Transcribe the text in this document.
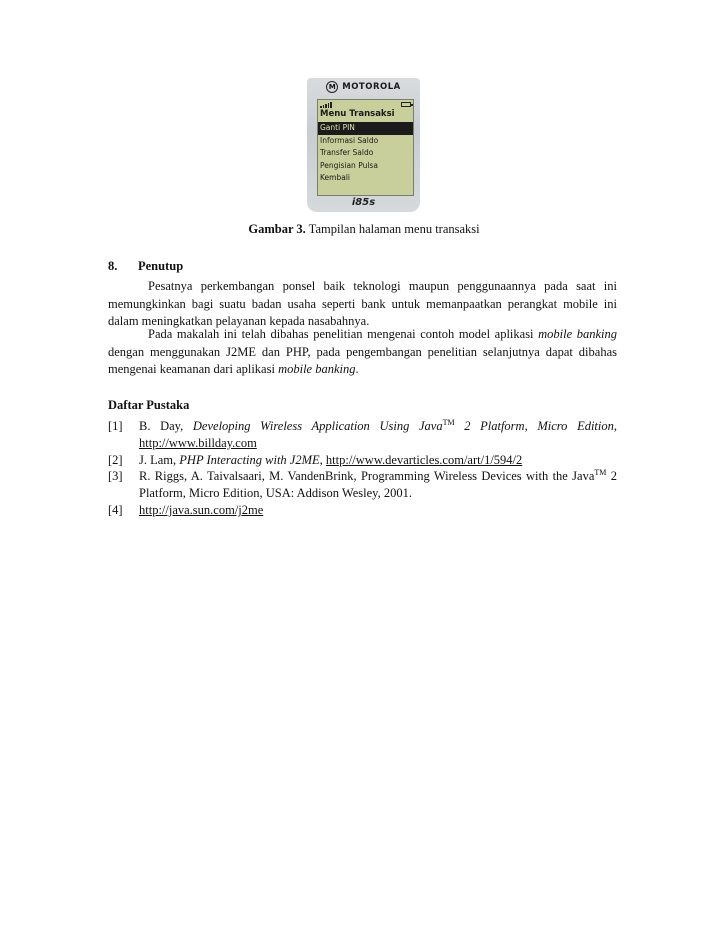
M MOTOROLA
Menu Transaksi
Ganti PIN
Informasi Saldo
Transfer Saldo
Pengisian Pulsa
Kembali
i85s
Gambar 3. Tampilan halaman menu transaksi
8. Penutup

Pesatnya perkembangan ponsel baik teknologi maupun penggunaannya pada saat ini memungkinkan bagi suatu badan usaha seperti bank untuk memanpaatkan perangkat mobile ini dalam meningkatkan pelayanan kepada nasabahnya.

Pada makalah ini telah dibahas penelitian mengenai contoh model aplikasi mobile banking dengan menggunakan J2ME dan PHP, pada pengembangan penelitian selanjutnya dapat dibahas mengenai keamanan dari aplikasi mobile banking.

Daftar Pustaka
[1]	B. Day, Developing Wireless Application Using Java™ 2 Platform, Micro Edition, http://www.billday.com
[2]	J. Lam, PHP Interacting with J2ME, http://www.devarticles.com/art/1/594/2
[3]	R. Riggs, A. Taivalsaari, M. VandenBrink, Programming Wireless Devices with the Java™ 2 Platform, Micro Edition, USA: Addison Wesley, 2001.
[4]	http://java.sun.com/j2me
